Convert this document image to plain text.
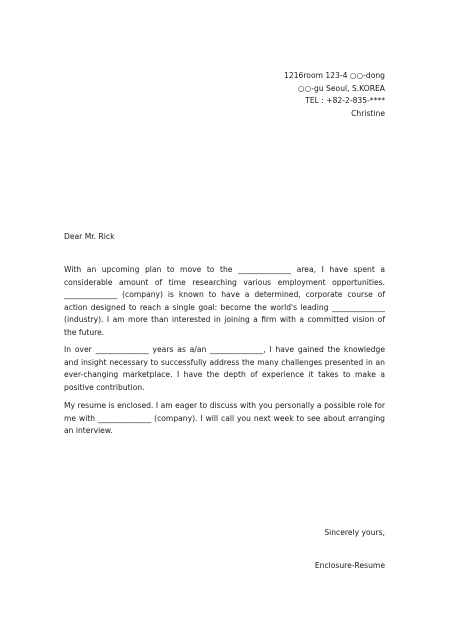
1216room 123-4 ○○-dong
○○-gu Seoul, S.KOREA
TEL : +82-2-835-****
Christine
Dear Mr. Rick
With an upcoming plan to move to the ______________ area, I have spent a considerable amount of time researching various employment opportunities. ______________ (company) is known to have a determined, corporate course of action designed to reach a single goal: become the world's leading ______________ (industry). I am more than interested in joining a firm with a committed vision of the future.
In over ______________ years as a/an ______________, I have gained the knowledge and insight necessary to successfully address the many challenges presented in an ever-changing marketplace. I have the depth of experience it takes to make a positive contribution.
My resume is enclosed. I am eager to discuss with you personally a possible role for me with ______________ (company). I will call you next week to see about arranging an interview.
Sincerely yours,
Enclosure-Resume
